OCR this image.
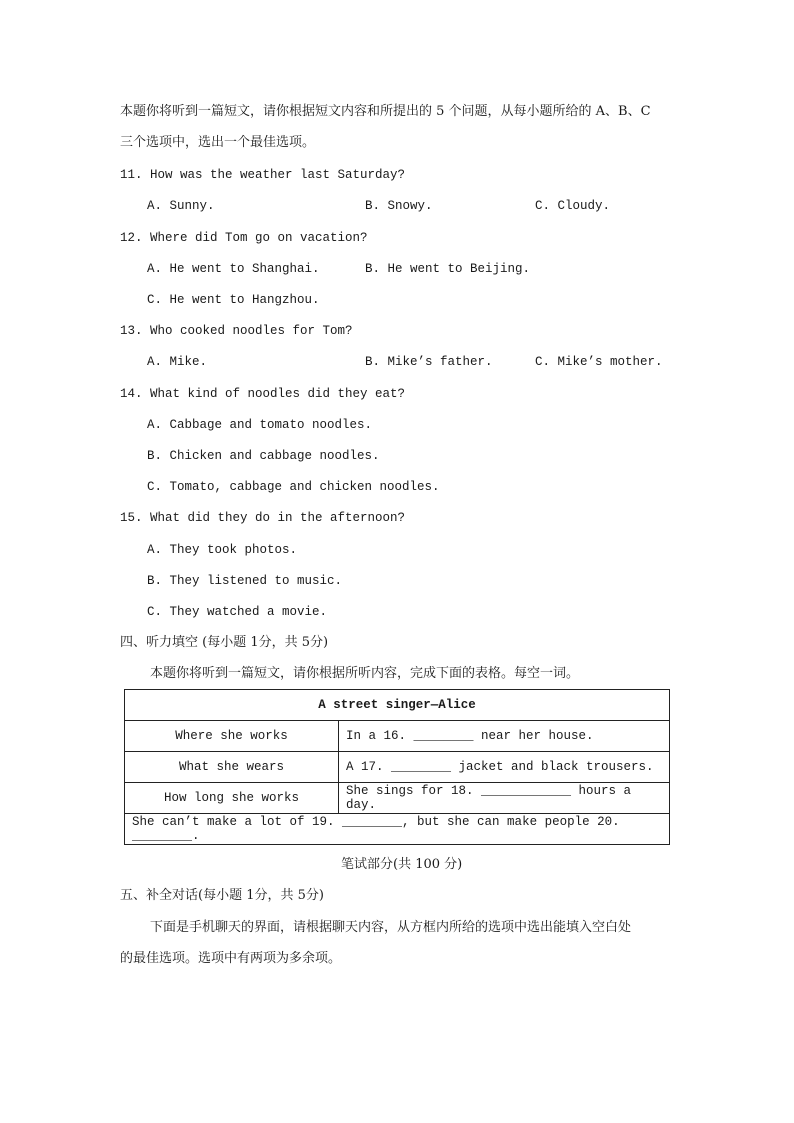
本题你将听到一篇短文，请你根据短文内容和所提出的 5 个问题，从每小题所给的 A、B、C
三个选项中，选出一个最佳选项。
11. How was the weather last Saturday?
A. Sunny.	B. Snowy.	C. Cloudy.
12. Where did Tom go on vacation?
A. He went to Shanghai.	B. He went to Beijing.
C. He went to Hangzhou.
13. Who cooked noodles for Tom?
A. Mike.	B. Mike’s father.	C. Mike’s mother.
14. What kind of noodles did they eat?
A. Cabbage and tomato noodles.
B. Chicken and cabbage noodles.
C. Tomato, cabbage and chicken noodles.
15. What did they do in the afternoon?
A. They took photos.
B. They listened to music.
C. They watched a movie.
四、听力填空 (每小题 1分，共 5分)
本题你将听到一篇短文，请你根据所听内容，完成下面的表格。每空一词。
A street singer—Alice	
Where she works	In a 16. ________ near her house.
What she wears	A 17. ________ jacket and black trousers.
How long she works	She sings for 18. ____________ hours a day.
She can’t make a lot of 19. ________, but she can make people 20. ________.	
笔试部分(共 100 分)
五、补全对话(每小题 1分，共 5分)
下面是手机聊天的界面，请根据聊天内容，从方框内所给的选项中选出能填入空白处
的最佳选项。选项中有两项为多余项。
